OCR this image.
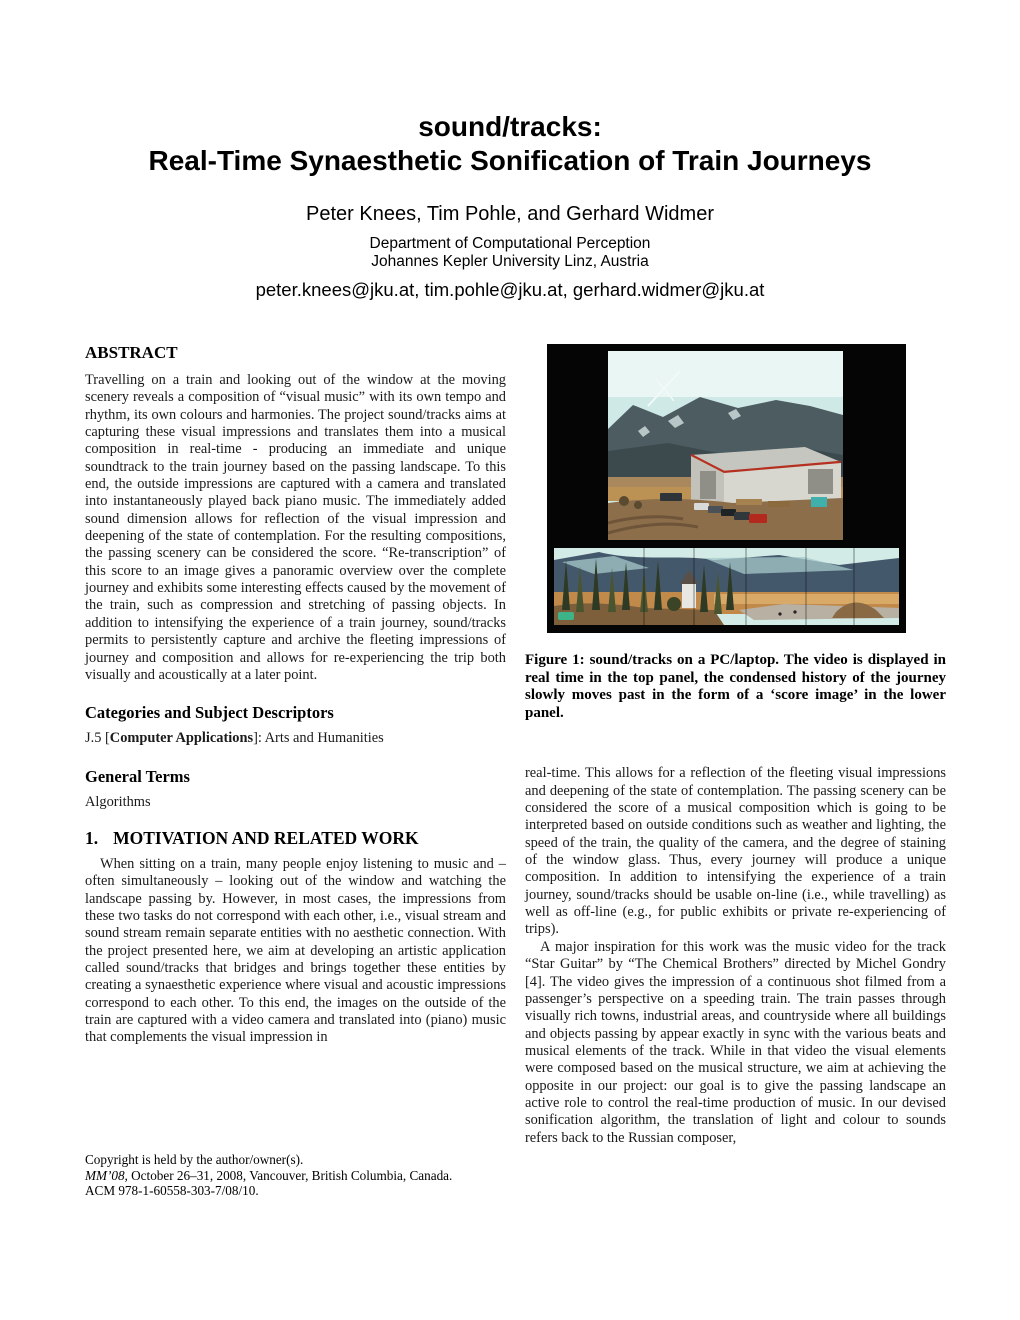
sound/tracks:
Real-Time Synaesthetic Sonification of Train Journeys
Peter Knees, Tim Pohle, and Gerhard Widmer
Department of Computational Perception
Johannes Kepler University Linz, Austria
peter.knees@jku.at, tim.pohle@jku.at, gerhard.widmer@jku.at
ABSTRACT

Travelling on a train and looking out of the window at the moving scenery reveals a composition of “visual music” with its own tempo and rhythm, its own colours and harmonies. The project sound/tracks aims at capturing these visual impressions and translates them into a musical composition in real-time - producing an immediate and unique soundtrack to the train journey based on the passing landscape. To this end, the outside impressions are captured with a camera and translated into instantaneously played back piano music. The immediately added sound dimension allows for reflection of the visual impression and deepening of the state of contemplation. For the resulting compositions, the passing scenery can be considered the score. “Re-transcription” of this score to an image gives a panoramic overview over the complete journey and exhibits some interesting effects caused by the movement of the train, such as compression and stretching of passing objects. In addition to intensifying the experience of a train journey, sound/tracks permits to persistently capture and archive the fleeting impressions of journey and composition and allows for re-experiencing the trip both visually and acoustically at a later point.

Categories and Subject Descriptors

J.5 [Computer Applications]: Arts and Humanities

General Terms

Algorithms

1. MOTIVATION AND RELATED WORK

When sitting on a train, many people enjoy listening to music and – often simultaneously – looking out of the window and watching the landscape passing by. However, in most cases, the impressions from these two tasks do not correspond with each other, i.e., visual stream and sound stream remain separate entities with no aesthetic connection. With the project presented here, we aim at developing an artistic application called sound/tracks that bridges and brings together these entities by creating a synaesthetic experience where visual and acoustic impressions correspond to each other. To this end, the images on the outside of the train are captured with a video camera and translated into (piano) music that complements the visual impression in

Copyright is held by the author/owner(s).
MM’08, October 26–31, 2008, Vancouver, British Columbia, Canada.
ACM 978-1-60558-303-7/08/10.
Figure 1: sound/tracks on a PC/laptop. The video is displayed in real time in the top panel, the condensed history of the journey slowly moves past in the form of a ‘score image’ in the lower panel.

real-time. This allows for a reflection of the fleeting visual impressions and deepening of the state of contemplation. The passing scenery can be considered the score of a musical composition which is going to be interpreted based on outside conditions such as weather and lighting, the speed of the train, the quality of the camera, and the degree of staining of the window glass. Thus, every journey will produce a unique composition. In addition to intensifying the experience of a train journey, sound/tracks should be usable on-line (i.e., while travelling) as well as off-line (e.g., for public exhibits or private re-experiencing of trips).

A major inspiration for this work was the music video for the track “Star Guitar” by “The Chemical Brothers” directed by Michel Gondry [4]. The video gives the impression of a continuous shot filmed from a passenger’s perspective on a speeding train. The train passes through visually rich towns, industrial areas, and countryside where all buildings and objects passing by appear exactly in sync with the various beats and musical elements of the track. While in that video the visual elements were composed based on the musical structure, we aim at achieving the opposite in our project: our goal is to give the passing landscape an active role to control the real-time production of music. In our devised sonification algorithm, the translation of light and colour to sounds refers back to the Russian composer,
